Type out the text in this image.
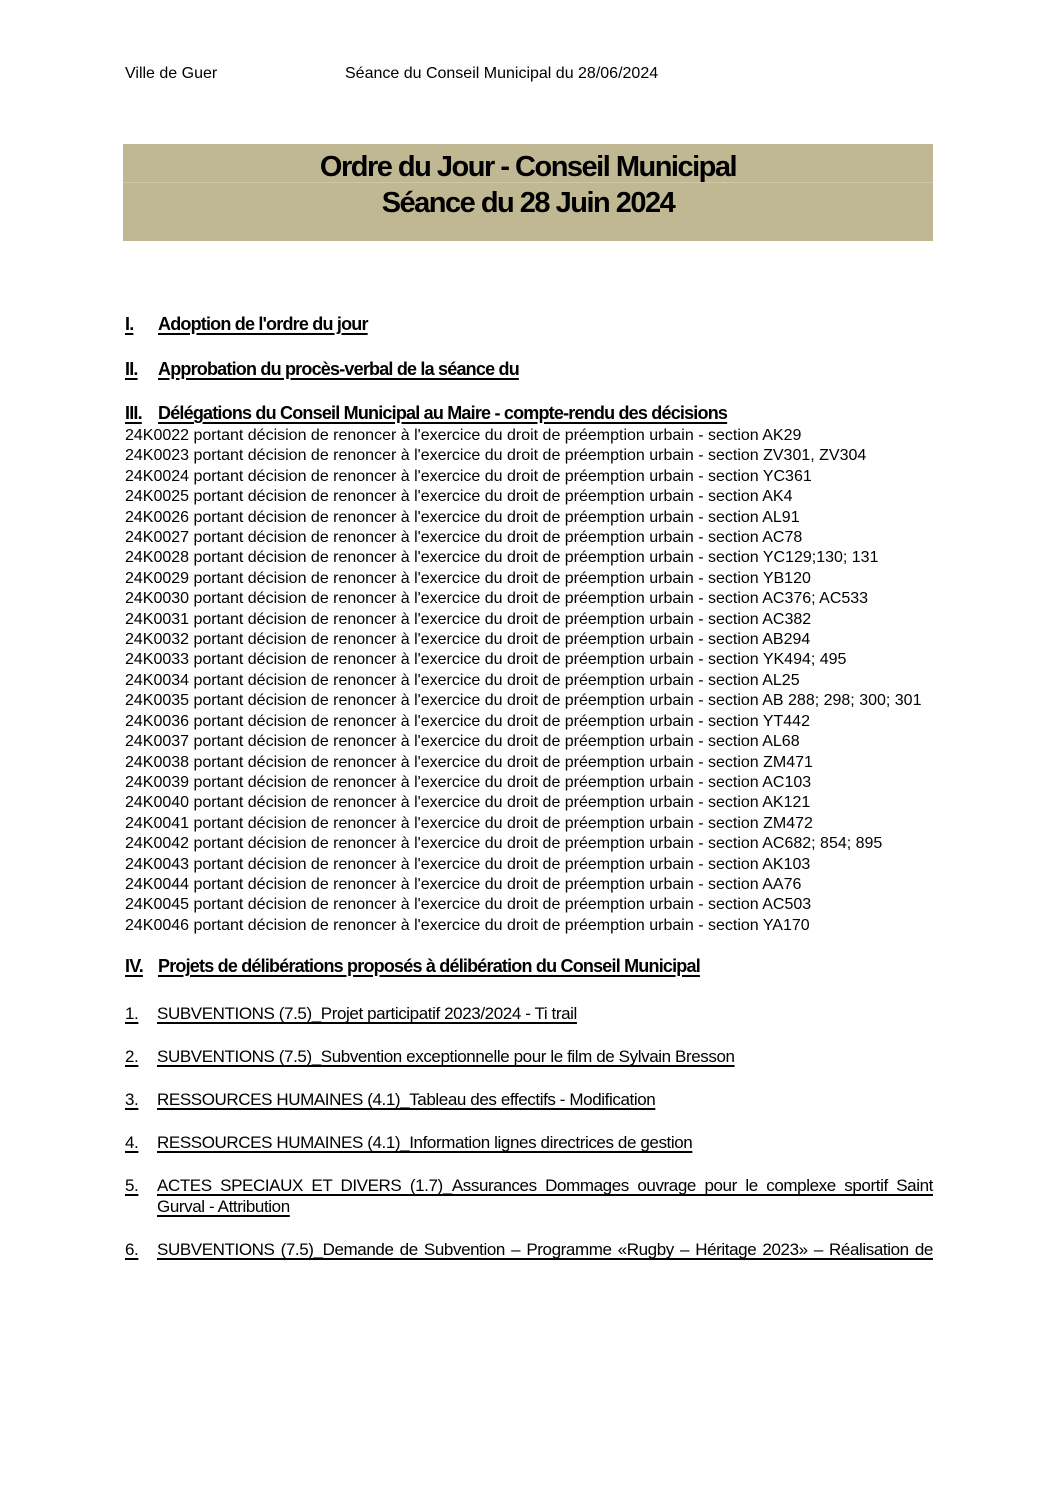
Ville de Guer	Séance du Conseil Municipal du 28/06/2024
Ordre du Jour - Conseil Municipal
Séance du 28 Juin 2024
I.	Adoption de l'ordre du jour
II.	Approbation du procès-verbal de la séance du
III. Délégations du Conseil Municipal au Maire - compte-rendu des décisions
24K0022 portant décision de renoncer à l'exercice du droit de préemption urbain - section AK29
24K0023 portant décision de renoncer à l'exercice du droit de préemption urbain - section ZV301, ZV304
24K0024 portant décision de renoncer à l'exercice du droit de préemption urbain - section YC361
24K0025 portant décision de renoncer à l'exercice du droit de préemption urbain - section AK4
24K0026 portant décision de renoncer à l'exercice du droit de préemption urbain - section AL91
24K0027 portant décision de renoncer à l'exercice du droit de préemption urbain - section AC78
24K0028 portant décision de renoncer à l'exercice du droit de préemption urbain - section YC129;130; 131
24K0029 portant décision de renoncer à l'exercice du droit de préemption urbain - section YB120
24K0030 portant décision de renoncer à l'exercice du droit de préemption urbain - section AC376; AC533
24K0031 portant décision de renoncer à l'exercice du droit de préemption urbain - section AC382
24K0032 portant décision de renoncer à l'exercice du droit de préemption urbain - section AB294
24K0033 portant décision de renoncer à l'exercice du droit de préemption urbain - section YK494; 495
24K0034 portant décision de renoncer à l'exercice du droit de préemption urbain - section AL25
24K0035 portant décision de renoncer à l'exercice du droit de préemption urbain - section AB 288; 298; 300; 301
24K0036 portant décision de renoncer à l'exercice du droit de préemption urbain - section YT442
24K0037 portant décision de renoncer à l'exercice du droit de préemption urbain - section AL68
24K0038 portant décision de renoncer à l'exercice du droit de préemption urbain - section ZM471
24K0039 portant décision de renoncer à l'exercice du droit de préemption urbain - section AC103
24K0040 portant décision de renoncer à l'exercice du droit de préemption urbain - section AK121
24K0041 portant décision de renoncer à l'exercice du droit de préemption urbain - section ZM472
24K0042 portant décision de renoncer à l'exercice du droit de préemption urbain - section AC682; 854; 895
24K0043 portant décision de renoncer à l'exercice du droit de préemption urbain - section AK103
24K0044 portant décision de renoncer à l'exercice du droit de préemption urbain - section AA76
24K0045 portant décision de renoncer à l'exercice du droit de préemption urbain - section AC503
24K0046 portant décision de renoncer à l'exercice du droit de préemption urbain - section YA170
IV. Projets de délibérations proposés à délibération du Conseil Municipal
1.	SUBVENTIONS (7.5)_Projet participatif 2023/2024 - Ti trail
2.	SUBVENTIONS (7.5)_Subvention exceptionnelle pour le film de Sylvain Bresson
3.	RESSOURCES HUMAINES (4.1)_Tableau des effectifs - Modification
4.	RESSOURCES HUMAINES (4.1)_Information lignes directrices de gestion
5.	ACTES SPECIAUX ET DIVERS (1.7)_Assurances Dommages ouvrage pour le complexe sportif Saint Gurval - Attribution
6.	SUBVENTIONS (7.5)_Demande de Subvention – Programme «Rugby – Héritage 2023» – Réalisation de
